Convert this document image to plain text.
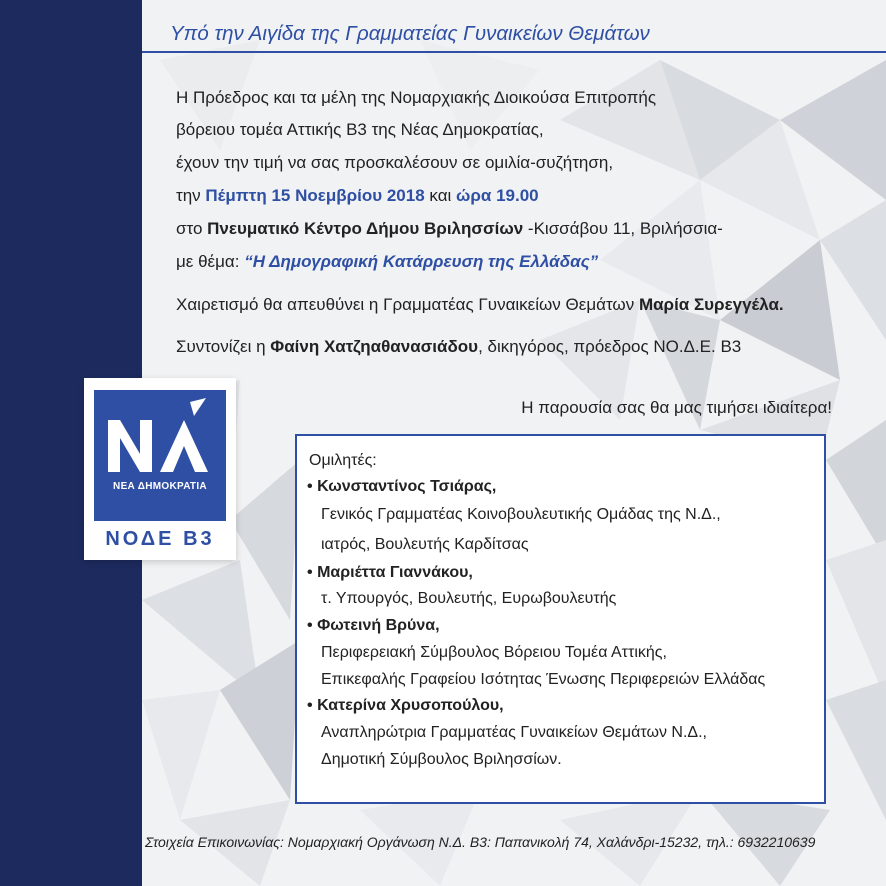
Υπό την Αιγίδα της Γραμματείας Γυναικείων Θεμάτων
Η Πρόεδρος και τα μέλη της Νομαρχιακής Διοικούσα Επιτροπής
βόρειου τομέα Αττικής Β3 της Νέας Δημοκρατίας,
έχουν την τιμή να σας προσκαλέσουν σε ομιλία-συζήτηση,
την Πέμπτη 15 Νοεμβρίου 2018 και ώρα 19.00
στο Πνευματικό Κέντρο Δήμου Βριλησσίων -Κισσάβου 11, Βριλήσσια-
με θέμα: “Η Δημογραφική Κατάρρευση της Ελλάδας”
Χαιρετισμό θα απευθύνει η Γραμματέας Γυναικείων Θεμάτων Μαρία Συρεγγέλα.
Συντονίζει η Φαίνη Χατζηαθανασιάδου, δικηγόρος, πρόεδρος ΝΟ.Δ.Ε. Β3
ΝΕΑ ΔΗΜΟΚΡΑΤΙΑ
ΝΟΔΕ Β3
Η παρουσία σας θα μας τιμήσει ιδιαίτερα!
Ομιλητές:
• Κωνσταντίνος Τσιάρας,
Γενικός Γραμματέας Κοινοβουλευτικής Ομάδας της Ν.Δ.,
ιατρός, Βουλευτής Καρδίτσας
• Μαριέττα Γιαννάκου,
τ. Υπουργός, Βουλευτής, Ευρωβουλευτής
• Φωτεινή Βρύνα,
Περιφερειακή Σύμβουλος Βόρειου Τομέα Αττικής,
Επικεφαλής Γραφείου Ισότητας Ένωσης Περιφερειών Ελλάδας
• Κατερίνα Χρυσοπούλου,
Αναπληρώτρια Γραμματέας Γυναικείων Θεμάτων Ν.Δ.,
Δημοτική Σύμβουλος Βριλησσίων.
Στοιχεία Επικοινωνίας: Νομαρχιακή Οργάνωση Ν.Δ. Β3: Παπανικολή 74, Χαλάνδρι-15232, τηλ.: 6932210639
